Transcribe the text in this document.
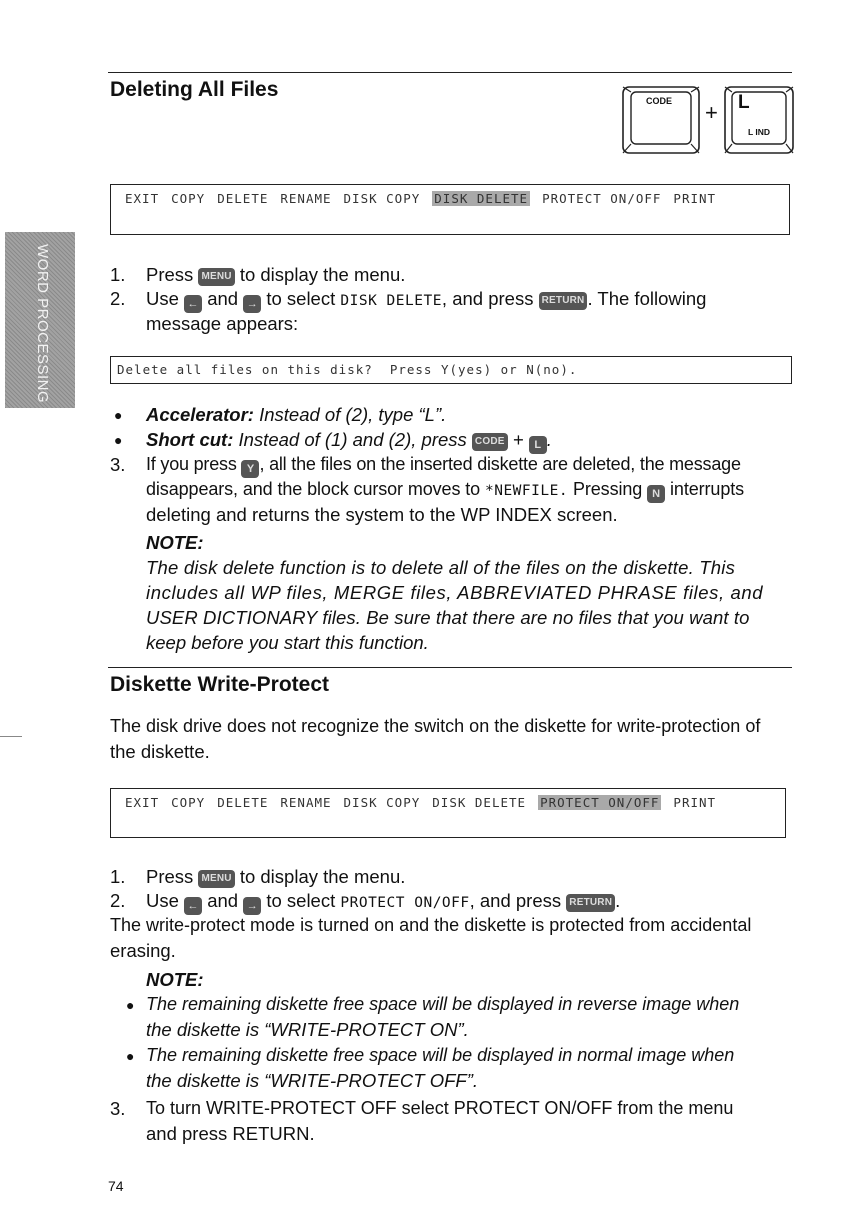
WORD PROCESSING
Deleting All Files	CODE + L
L IND
EXIT COPY DELETE RENAME DISK COPY DISK DELETE PROTECT ON/OFF PRINT
1.	Press MENU to display the menu.
2.	Use ← and → to select DISK DELETE, and press RETURN . The following
message appears:
Delete all files on this disk?  Press Y(yes) or N(no).
● Accelerator: Instead of (2), type “L”.
● Short cut: Instead of (1) and (2), press CODE + L .
3.	If you press Y , all the files on the inserted diskette are deleted, the message
disappears, and the block cursor moves to *NEWFILE. Pressing N interrupts
deleting and returns the system to the WP INDEX screen.
NOTE:
The disk delete function is to delete all of the files on the diskette. This
includes all WP files, MERGE files, ABBREVIATED PHRASE files, and
USER DICTIONARY files. Be sure that there are no files that you want to
keep before you start this function.
Diskette Write-Protect
The disk drive does not recognize the switch on the diskette for write-protection of
the diskette.
EXIT COPY DELETE RENAME DISK COPY DISK DELETE PROTECT ON/OFF PRINT
1.	Press MENU to display the menu.
2.	Use ← and → to select PROTECT ON/OFF, and press RETURN .
The write-protect mode is turned on and the diskette is protected from accidental
erasing.
NOTE:
● The remaining diskette free space will be displayed in reverse image when
the diskette is “WRITE-PROTECT ON”.
● The remaining diskette free space will be displayed in normal image when
the diskette is “WRITE-PROTECT OFF”.
3.	To turn WRITE-PROTECT OFF select PROTECT ON/OFF from the menu
and press RETURN.
74
